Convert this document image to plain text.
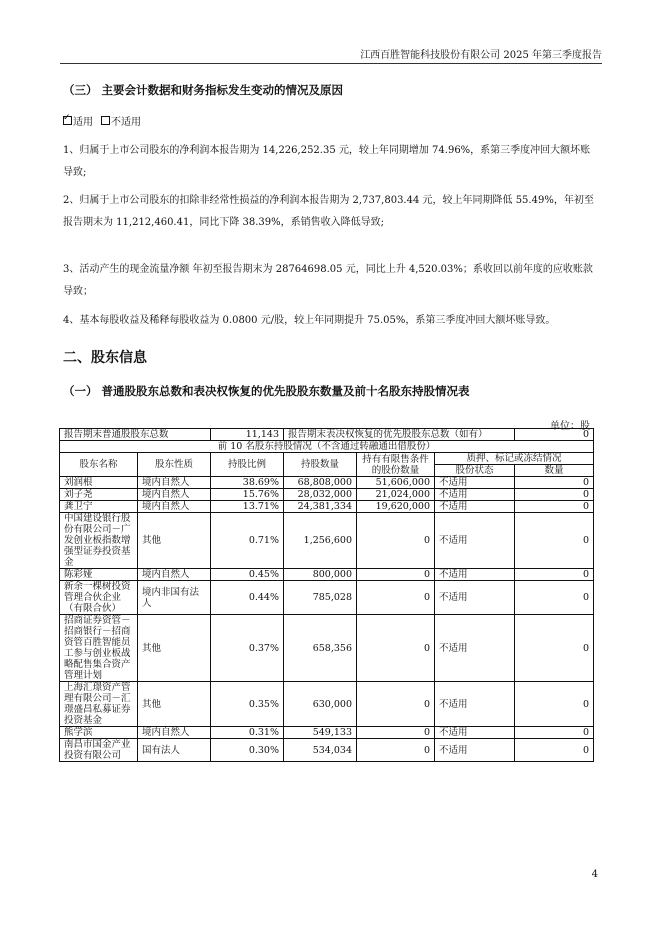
江西百胜智能科技股份有限公司 2025 年第三季度报告
（三） 主要会计数据和财务指标发生变动的情况及原因
✓
适用 不适用
1、归属于上市公司股东的净利润本报告期为 14,226,252.35 元，较上年同期增加 74.96%，系第三季度冲回大额坏账导致;
2、归属于上市公司股东的扣除非经常性损益的净利润本报告期为 2,737,803.44 元，较上年同期降低 55.49%，年初至报告期末为 11,212,460.41，同比下降 38.39%，系销售收入降低导致;
3、活动产生的现金流量净额 年初至报告期末为 28764698.05 元，同比上升 4,520.03%；系收回以前年度的应收账款导致；
4、基本每股收益及稀释每股收益为 0.0800 元/股，较上年同期提升 75.05%，系第三季度冲回大额坏账导致。
二、股东信息
（一） 普通股股东总数和表决权恢复的优先股股东数量及前十名股东持股情况表
单位：股
报告期末普通股股东总数		11,143	报告期末表决权恢复的优先股股东总数（如有）			0
前 10 名股东持股情况（不含通过转融通出借股份）						
股东名称	股东性质	持股比例	持股数量	持有有限售条件的股份数量	质押、标记或冻结情况	
					股份状态	数量
刘润根	境内自然人	38.69%	68,808,000	51,606,000	不适用	0
刘子尧	境内自然人	15.76%	28,032,000	21,024,000	不适用	0
龚卫宁	境内自然人	13.71%	24,381,334	19,620,000	不适用	0
中国建设银行股份有限公司－广发创业板指数增强型证券投资基金	其他	0.71%	1,256,600	0	不适用	0
陈彩娅	境内自然人	0.45%	800,000	0	不适用	0
新余一棵树投资管理合伙企业（有限合伙）	境内非国有法人	0.44%	785,028	0	不适用	0
招商证券资管－招商银行－招商资管百胜智能员工参与创业板战略配售集合资产管理计划	其他	0.37%	658,356	0	不适用	0
上海汇璟资产管理有限公司－汇璟盛昌私募证券投资基金	其他	0.35%	630,000	0	不适用	0
熊学滨	境内自然人	0.31%	549,133	0	不适用	0
南昌市国金产业投资有限公司	国有法人	0.30%	534,034	0	不适用	0
4
